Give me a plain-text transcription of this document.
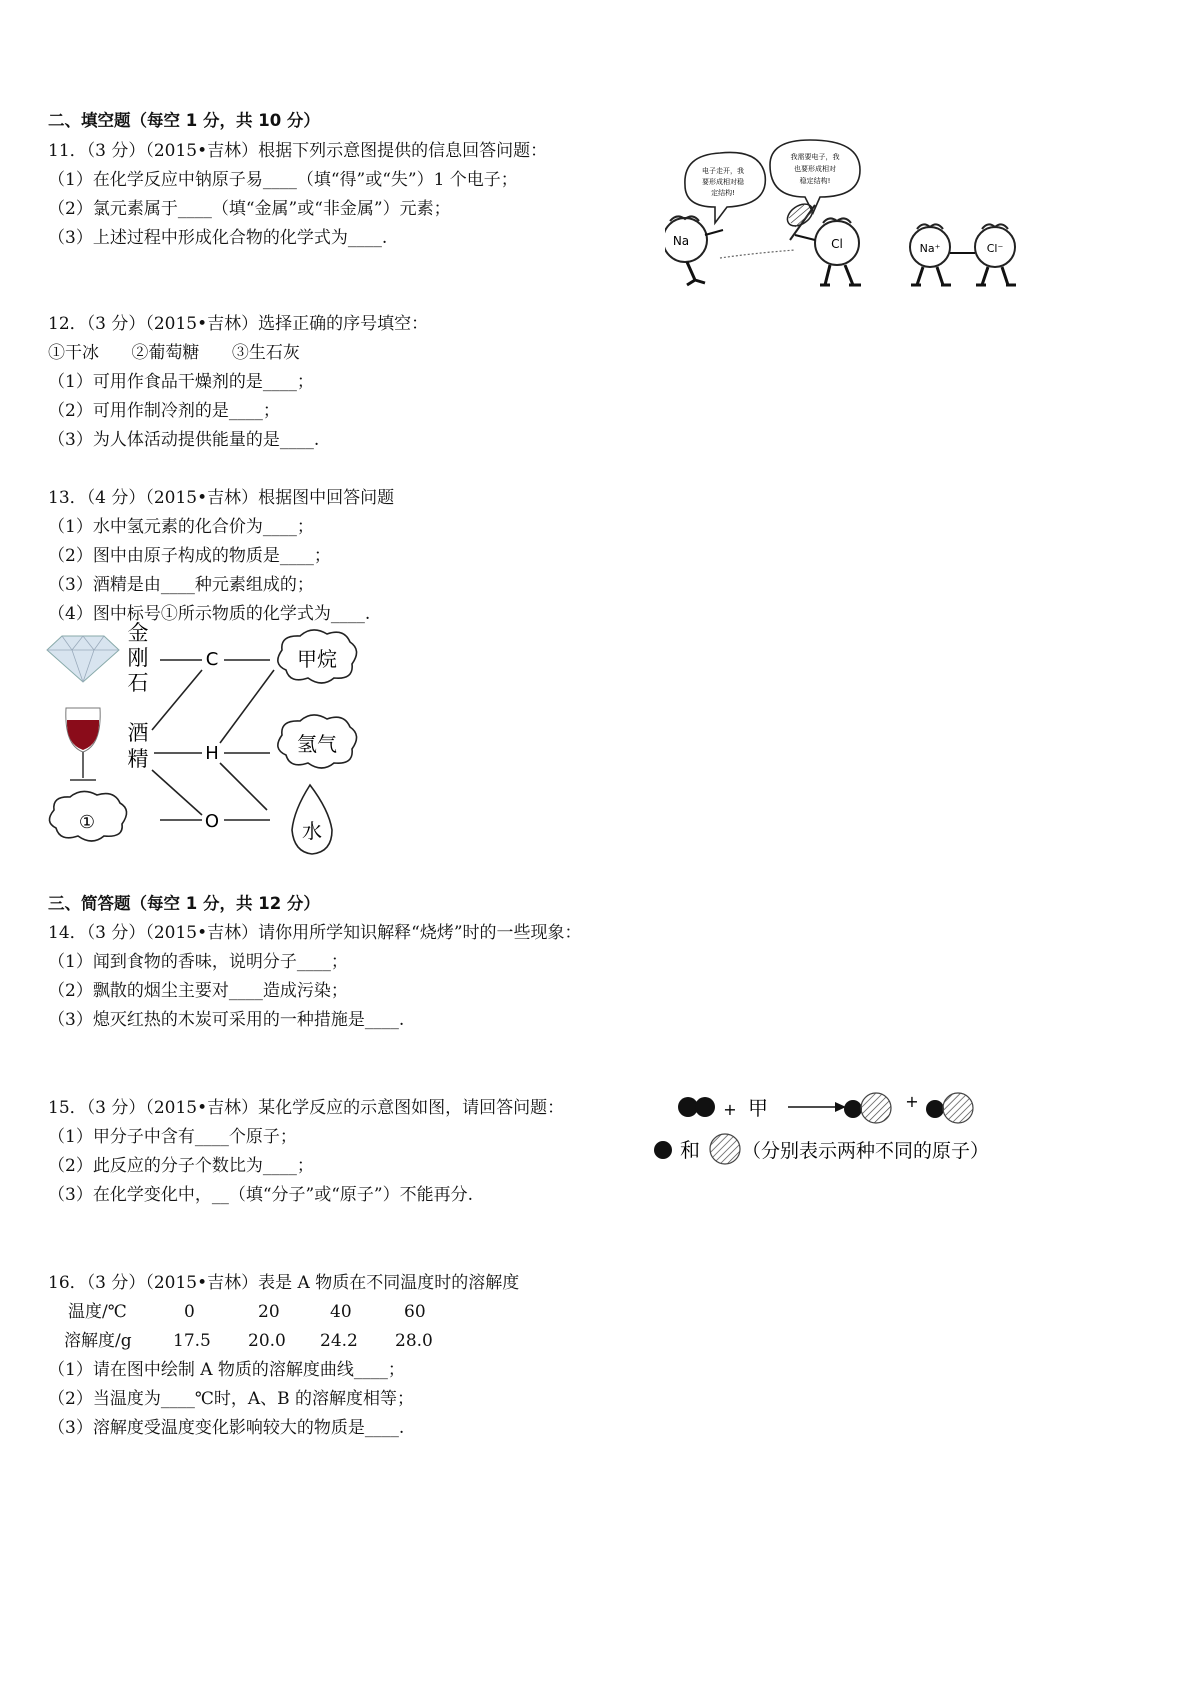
二、填空题（每空 1 分，共 10 分）
11．（3 分）（2015•吉林）根据下列示意图提供的信息回答问题：
（1）在化学反应中钠原子易____（填“得”或“失”）1 个电子；
（2）氯元素属于____（填“金属”或“非金属”）元素；
（3）上述过程中形成化合物的化学式为____.
电子走开，我
要形成相对稳
定结构!
我需要电子，我
也要形成相对
稳定结构!
Na	Cl	Na⁺	Cl⁻
12．（3 分）（2015•吉林）选择正确的序号填空：
①干冰      ②葡萄糖      ③生石灰
（1）可用作食品干燥剂的是____；
（2）可用作制冷剂的是____；
（3）为人体活动提供能量的是____.
13．（4 分）（2015•吉林）根据图中回答问题
（1）水中氢元素的化合价为____；
（2）图中由原子构成的物质是____；
（3）酒精是由____种元素组成的；
（4）图中标号①所示物质的化学式为____.
金
刚
石
酒
精
C
H
O
甲烷
氢气
①	水
三、简答题（每空 1 分，共 12 分）
14．（3 分）（2015•吉林）请你用所学知识解释“烧烤”时的一些现象：
（1）闻到食物的香味，说明分子____；
（2）飘散的烟尘主要对____造成污染；
（3）熄灭红热的木炭可采用的一种措施是____.
15．（3 分）（2015•吉林）某化学反应的示意图如图，请回答问题：
（1）甲分子中含有____个原子；
（2）此反应的分子个数比为____；
（3）在化学变化中，__（填“分子”或“原子”）不能再分.
+ 甲	+
和 （分别表示两种不同的原子）
16．（3 分）（2015•吉林）表是 A 物质在不同温度时的溶解度
温度/℃	0	20	40	60
溶解度/g 17.5 20.0 24.2 28.0
（1）请在图中绘制 A 物质的溶解度曲线____；
（2）当温度为____℃时，A、B 的溶解度相等；
（3）溶解度受温度变化影响较大的物质是____.
